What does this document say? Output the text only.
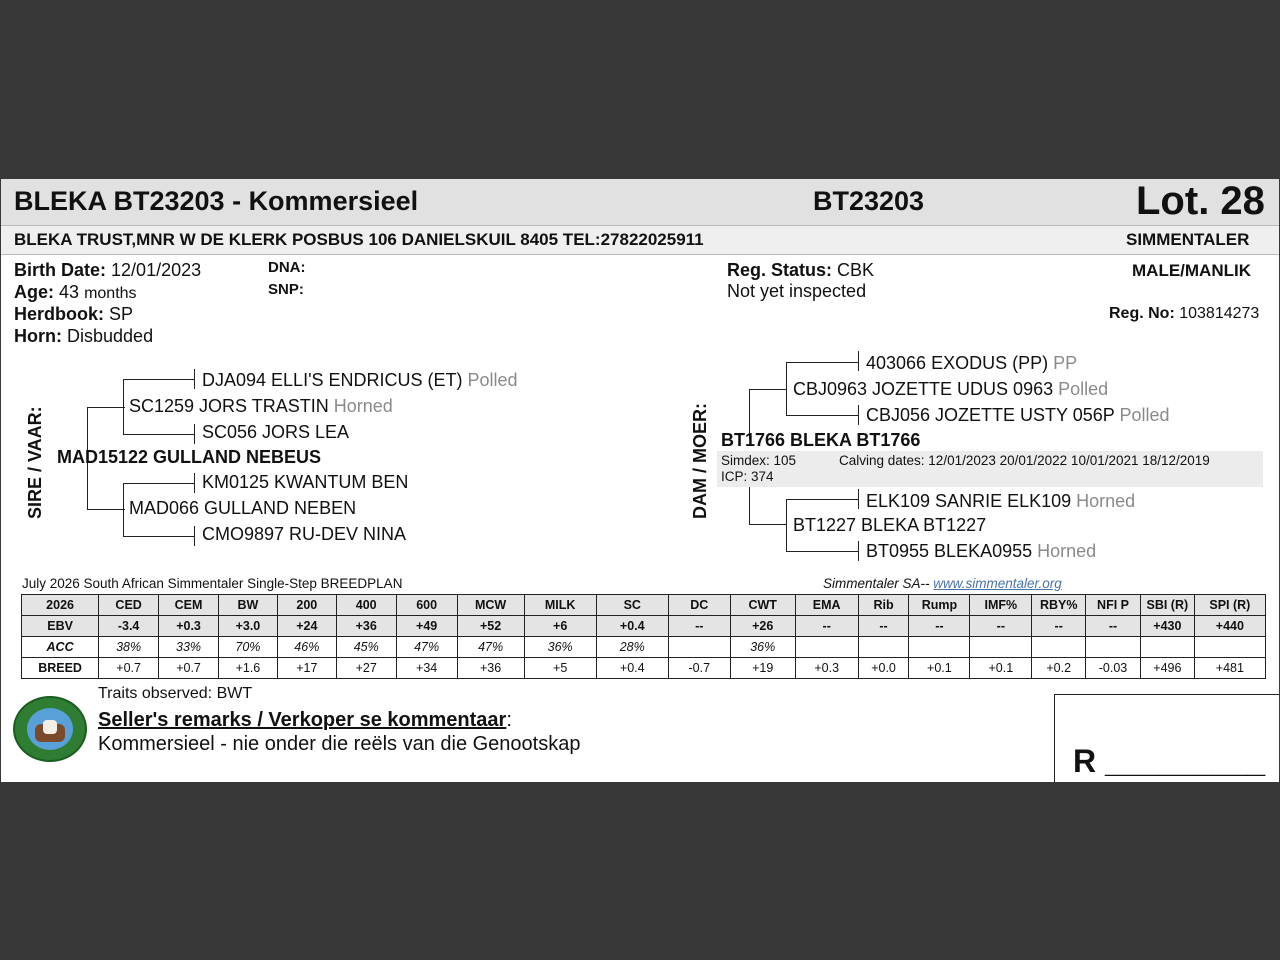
BLEKA BT23203 - Kommersieel	BT23203	Lot. 28
BLEKA TRUST,MNR W DE KLERK POSBUS 106 DANIELSKUIL 8405 TEL:27822025911	SIMMENTALER
Birth Date: 12/01/2023
Age: 43 months
Herdbook: SP
Horn: Disbudded
DNA:
SNP:
Reg. Status: CBK
Not yet inspected
MALE/MANLIK
Reg. No: 103814273
SIRE / VAAR:
DJA094 ELLI'S ENDRICUS (ET) Polled
SC1259 JORS TRASTIN Horned
SC056 JORS LEA
MAD15122 GULLAND NEBEUS
KM0125 KWANTUM BEN
MAD066 GULLAND NEBEN
CMO9897 RU-DEV NINA
DAM / MOER:
403066 EXODUS (PP) PP
CBJ0963 JOZETTE UDUS 0963 Polled
CBJ056 JOZETTE USTY 056P Polled
BT1766 BLEKA BT1766
Simdex: 105	Calving dates: 12/01/2023 20/01/2022 10/01/2021 18/12/2019
ICP: 374
ELK109 SANRIE ELK109 Horned
BT1227 BLEKA BT1227
BT0955 BLEKA0955 Horned
July 2026 South African Simmentaler Single-Step BREEDPLAN	Simmentaler SA-- www.simmentaler.org
2026	CED	CEM	BW	200	400	600	MCW	MILK	SC	DC	CWT	EMA	Rib	Rump	IMF%	RBY%	NFI P	SBI (R)	SPI (R)
EBV	-3.4	+0.3	+3.0	+24	+36	+49	+52	+6	+0.4	--	+26	--	--	--	--	--	--	+430	+440
ACC	38%	33%	70%	46%	45%	47%	47%	36%	28%		36%								
BREED	+0.7	+0.7	+1.6	+17	+27	+34	+36	+5	+0.4	-0.7	+19	+0.3	+0.0	+0.1	+0.1	+0.2	-0.03	+496	+481
Traits observed: BWT
Seller's remarks / Verkoper se kommentaar:
Kommersieel - nie onder die reëls van die Genootskap	R _________
